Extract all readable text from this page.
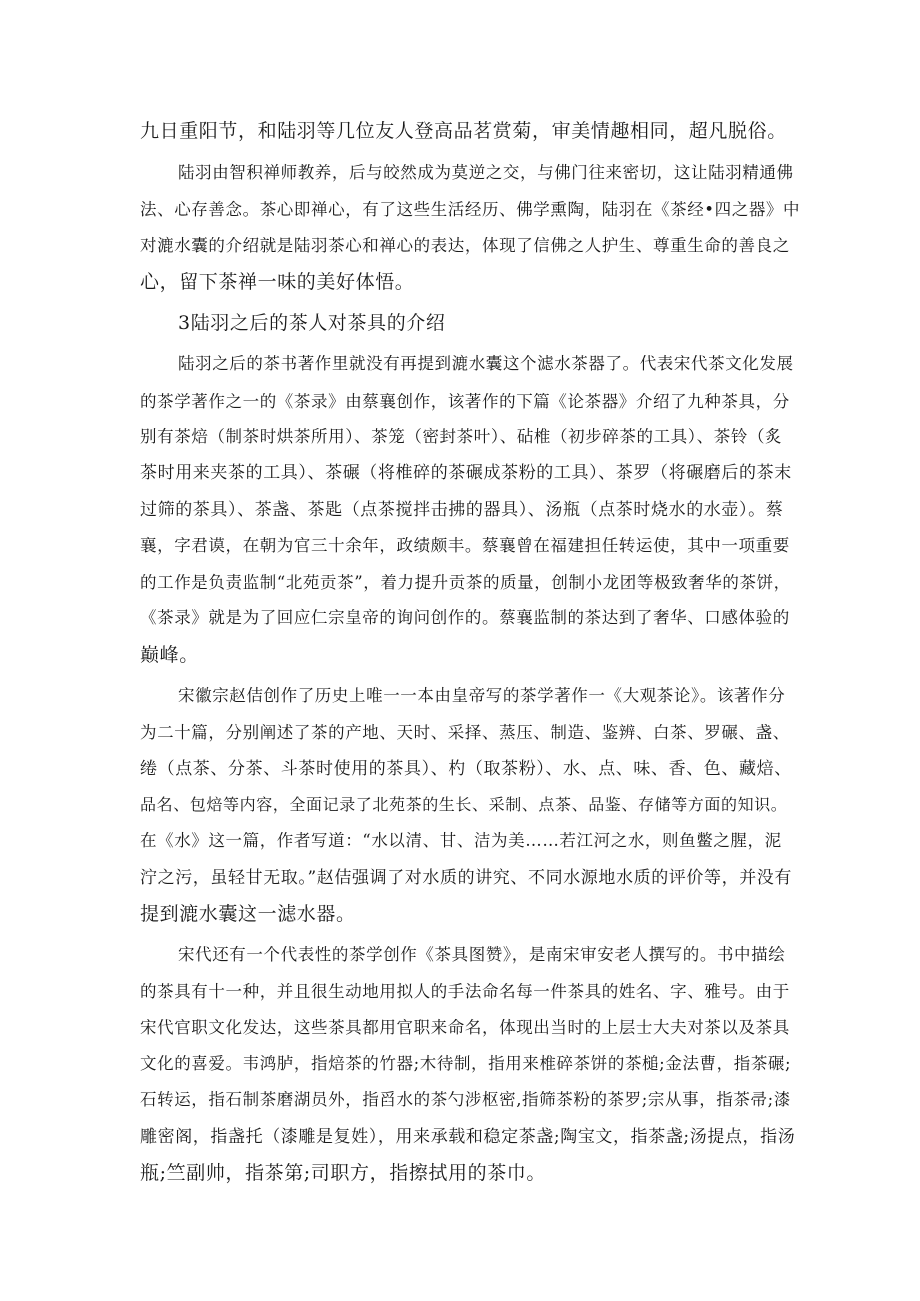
九日重阳节，和陆羽等几位友人登高品茗赏菊，审美情趣相同，超凡脱俗。
陆羽由智积禅师教养，后与皎然成为莫逆之交，与佛门往来密切，这让陆羽精通佛
法、心存善念。茶心即禅心，有了这些生活经历、佛学熏陶，陆羽在《茶经•四之器》中
对漉水囊的介绍就是陆羽茶心和禅心的表达，体现了信佛之人护生、尊重生命的善良之
心，留下茶禅一味的美好体悟。
3陆羽之后的茶人对茶具的介绍
陆羽之后的茶书著作里就没有再提到漉水囊这个滤水茶器了。代表宋代茶文化发展
的茶学著作之一的《茶录》由蔡襄创作，该著作的下篇《论茶器》介绍了九种茶具，分
别有茶焙（制茶时烘茶所用）、茶笼（密封茶叶）、砧椎（初步碎茶的工具）、茶铃（炙
茶时用来夹茶的工具）、茶碾（将椎碎的茶碾成茶粉的工具）、茶罗（将碾磨后的茶末
过筛的茶具）、茶盏、茶匙（点茶搅拌击拂的器具）、汤瓶（点茶时烧水的水壶）。蔡
襄，字君谟，在朝为官三十余年，政绩颇丰。蔡襄曾在福建担任转运使，其中一项重要
的工作是负责监制“北苑贡茶”，着力提升贡茶的质量，创制小龙团等极致奢华的茶饼，
《茶录》就是为了回应仁宗皇帝的询问创作的。蔡襄监制的茶达到了奢华、口感体验的
巅峰。
宋徽宗赵佶创作了历史上唯一一本由皇帝写的茶学著作一《大观茶论》。该著作分
为二十篇，分别阐述了茶的产地、天时、采择、蒸压、制造、鉴辨、白茶、罗碾、盏、
绻（点茶、分茶、斗茶时使用的茶具）、杓（取茶粉）、水、点、味、香、色、藏焙、
品名、包焙等内容，全面记录了北苑茶的生长、采制、点茶、品鉴、存储等方面的知识。
在《水》这一篇，作者写道：“水以清、甘、洁为美……若江河之水，则鱼鳖之腥，泥
泞之污，虽轻甘无取。”赵佶强调了对水质的讲究、不同水源地水质的评价等，并没有
提到漉水囊这一滤水器。
宋代还有一个代表性的茶学创作《茶具图赞》，是南宋审安老人撰写的。书中描绘
的茶具有十一种，并且很生动地用拟人的手法命名每一件茶具的姓名、字、雅号。由于
宋代官职文化发达，这些茶具都用官职来命名，体现出当时的上层士大夫对茶以及茶具
文化的喜爱。韦鸿胪，指焙茶的竹器;木待制，指用来椎碎茶饼的茶槌;金法曹，指茶碾;
石转运，指石制茶磨湖员外，指舀水的茶勺涉枢密,指筛茶粉的茶罗;宗从事，指茶帚;漆
雕密阁，指盏托（漆雕是复姓），用来承载和稳定茶盏;陶宝文，指茶盏;汤提点，指汤
瓶;竺副帅，指茶第;司职方，指擦拭用的茶巾。
